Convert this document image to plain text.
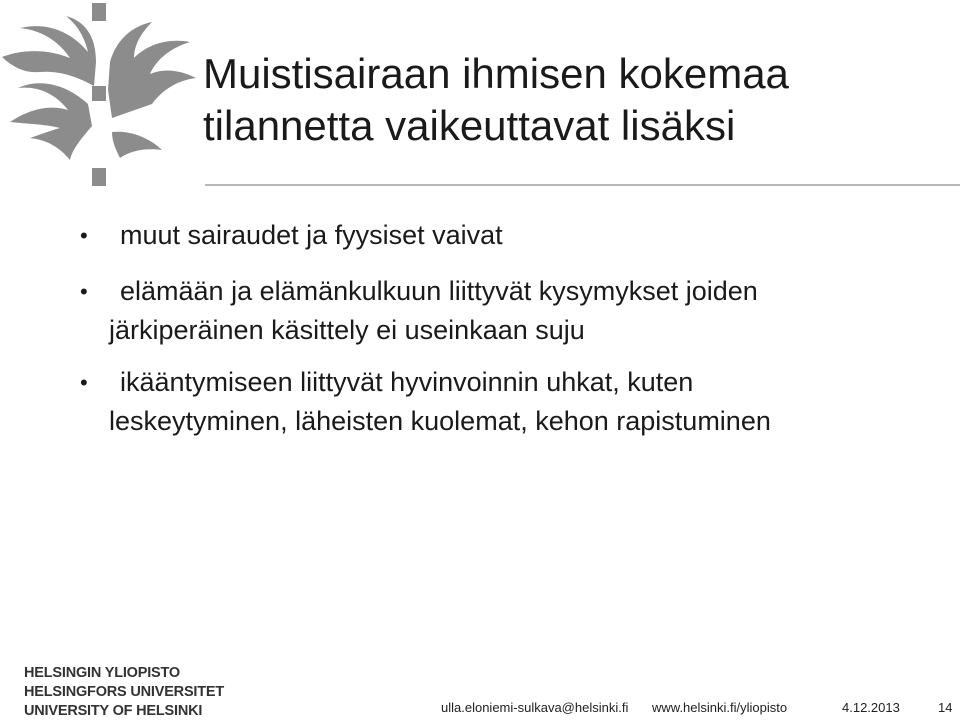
Muistisairaan ihmisen kokemaa
tilannetta vaikeuttavat lisäksi
•	muut sairaudet ja fyysiset vaivat
•	elämään ja elämänkulkuun liittyvät kysymykset joiden
järkiperäinen käsittely ei useinkaan suju
•	ikääntymiseen liittyvät hyvinvoinnin uhkat, kuten
leskeytyminen, läheisten kuolemat, kehon rapistuminen
HELSINGIN YLIOPISTO
HELSINGFORS UNIVERSITET
UNIVERSITY OF HELSINKI	ulla.eloniemi-sulkava@helsinki.fi www.helsinki.fi/yliopisto	4.12.2013	14
